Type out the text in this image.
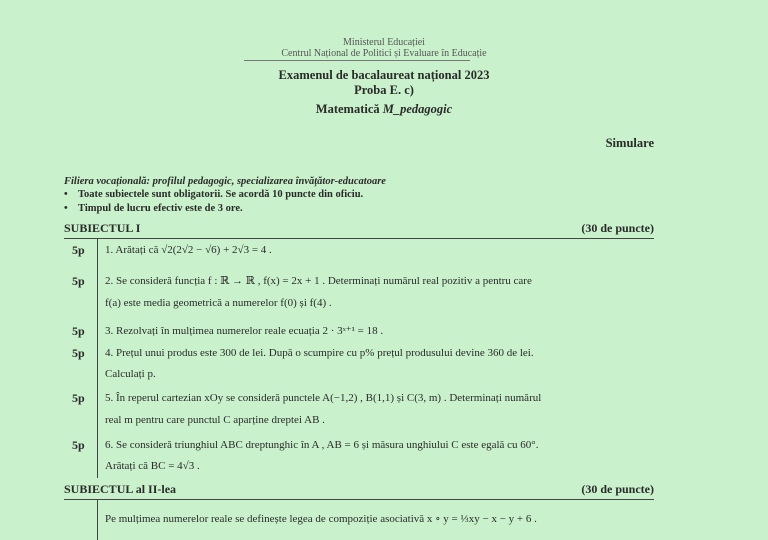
Ministerul Educației
Centrul Național de Politici și Evaluare în Educație
Examenul de bacalaureat național 2023
Proba E. c)
Matematică M_pedagogic
Simulare
Filiera vocațională: profilul pedagogic, specializarea învățător-educatoare
• Toate subiectele sunt obligatorii. Se acordă 10 puncte din oficiu.
• Timpul de lucru efectiv este de 3 ore.
SUBIECTUL I	(30 de puncte)
5p 1. Arătați că √2(2√2 − √6) + 2√3 = 4 .
5p 2. Se consideră funcția f : ℝ → ℝ , f(x) = 2x + 1 . Determinați numărul real pozitiv a pentru care
f(a) este media geometrică a numerelor f(0) și f(4) .
5p 3. Rezolvați în mulțimea numerelor reale ecuația 2 · 3ˣ⁺¹ = 18 .
5p 4. Prețul unui produs este 300 de lei. După o scumpire cu p% prețul produsului devine 360 de lei.
Calculați p.
5p 5. În reperul cartezian xOy se consideră punctele A(−1,2) , B(1,1) și C(3, m) . Determinați numărul
real m pentru care punctul C aparține dreptei AB .
5p 6. Se consideră triunghiul ABC dreptunghic în A , AB = 6 și măsura unghiului C este egală cu 60°.
Arătați că BC = 4√3 .
SUBIECTUL al II-lea	(30 de puncte)
Pe mulțimea numerelor reale se definește legea de compoziție asociativă x ∘ y = ⅓xy − x − y + 6 .
